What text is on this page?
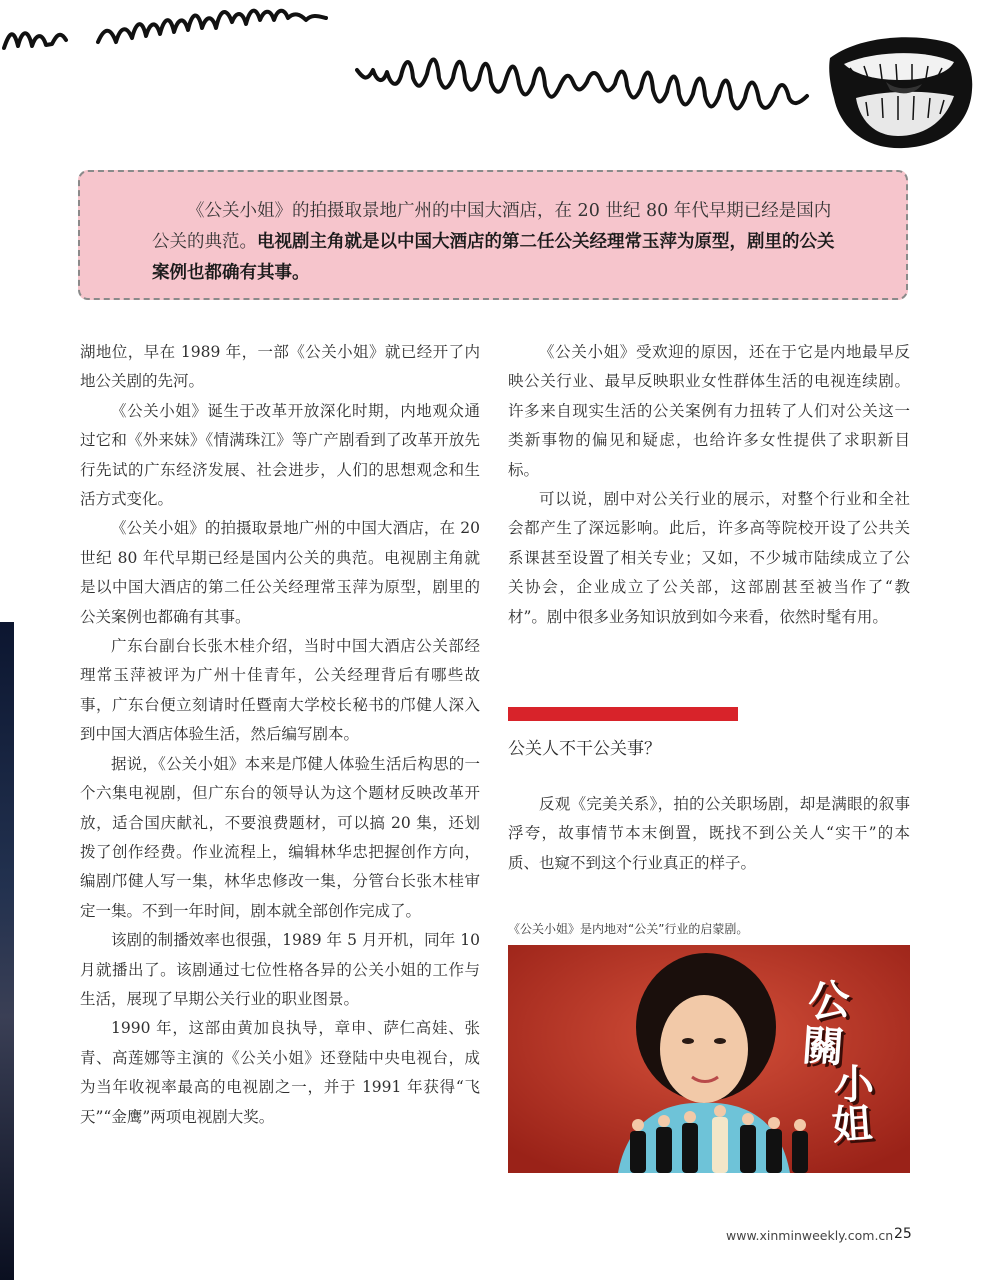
《公关小姐》的拍摄取景地广州的中国大酒店，在 20 世纪 80 年代早期已经是国内公关的典范。电视剧主角就是以中国大酒店的第二任公关经理常玉萍为原型，剧里的公关案例也都确有其事。

湖地位，早在 1989 年，一部《公关小姐》就已经开了内地公关剧的先河。

《公关小姐》诞生于改革开放深化时期，内地观众通过它和《外来妹》《情满珠江》等广产剧看到了改革开放先行先试的广东经济发展、社会进步，人们的思想观念和生活方式变化。

《公关小姐》的拍摄取景地广州的中国大酒店，在 20 世纪 80 年代早期已经是国内公关的典范。电视剧主角就是以中国大酒店的第二任公关经理常玉萍为原型，剧里的公关案例也都确有其事。

广东台副台长张木桂介绍，当时中国大酒店公关部经理常玉萍被评为广州十佳青年，公关经理背后有哪些故事，广东台便立刻请时任暨南大学校长秘书的邝健人深入到中国大酒店体验生活，然后编写剧本。

据说，《公关小姐》本来是邝健人体验生活后构思的一个六集电视剧，但广东台的领导认为这个题材反映改革开放，适合国庆献礼，不要浪费题材，可以搞 20 集，还划拨了创作经费。作业流程上，编辑林华忠把握创作方向，编剧邝健人写一集，林华忠修改一集，分管台长张木桂审定一集。不到一年时间，剧本就全部创作完成了。

该剧的制播效率也很强，1989 年 5 月开机，同年 10 月就播出了。该剧通过七位性格各异的公关小姐的工作与生活，展现了早期公关行业的职业图景。

1990 年，这部由黄加良执导，章申、萨仁高娃、张青、高莲娜等主演的《公关小姐》还登陆中央电视台，成为当年收视率最高的电视剧之一，并于 1991 年获得“飞天”“金鹰”两项电视剧大奖。

《公关小姐》受欢迎的原因，还在于它是内地最早反映公关行业、最早反映职业女性群体生活的电视连续剧。许多来自现实生活的公关案例有力扭转了人们对公关这一类新事物的偏见和疑虑，也给许多女性提供了求职新目标。

可以说，剧中对公关行业的展示，对整个行业和全社会都产生了深远影响。此后，许多高等院校开设了公共关系课甚至设置了相关专业；又如，不少城市陆续成立了公关协会，企业成立了公关部，这部剧甚至被当作了“教材”。剧中很多业务知识放到如今来看，依然时髦有用。

公关人不干公关事？

反观《完美关系》，拍的公关职场剧，却是满眼的叙事浮夸，故事情节本末倒置，既找不到公关人“实干”的本质、也窥不到这个行业真正的样子。

《公关小姐》是内地对“公关”行业的启蒙剧。
公
關
小
姐
www.xinminweekly.com.cn 25
